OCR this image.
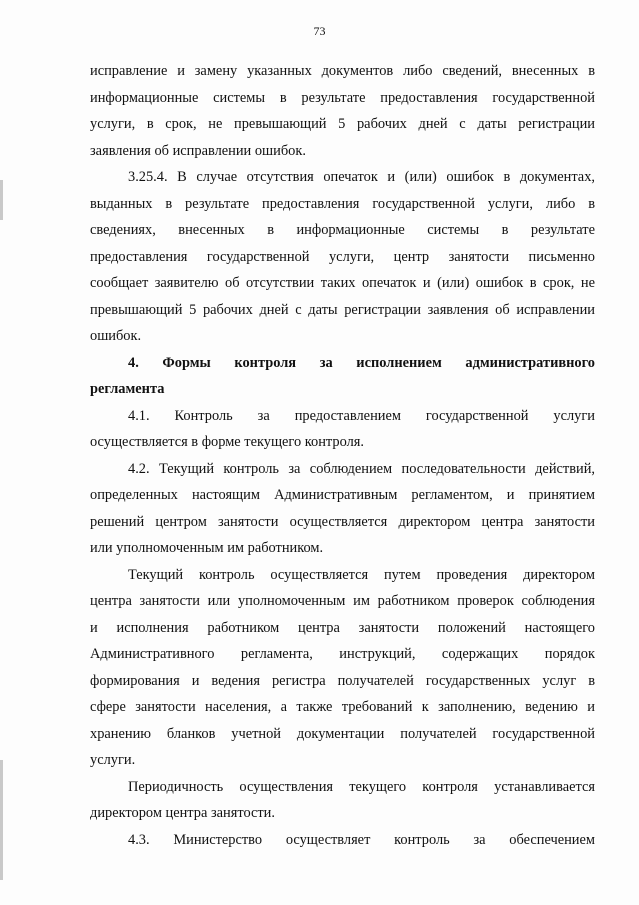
73

исправление и замену указанных документов либо сведений, внесенных в

информационные системы в результате предоставления государственной

услуги, в срок, не превышающий 5 рабочих дней с даты регистрации

заявления об исправлении ошибок.

3.25.4. В случае отсутствия опечаток и (или) ошибок в документах,

выданных в результате предоставления государственной услуги, либо в

сведениях, внесенных в информационные системы в результате

предоставления государственной услуги, центр занятости письменно

сообщает заявителю об отсутствии таких опечаток и (или) ошибок в срок, не

превышающий 5 рабочих дней с даты регистрации заявления об исправлении

ошибок.

4. Формы контроля за исполнением административного

регламента

4.1. Контроль за предоставлением государственной услуги

осуществляется в форме текущего контроля.

4.2. Текущий контроль за соблюдением последовательности действий,

определенных настоящим Административным регламентом, и принятием

решений центром занятости осуществляется директором центра занятости

или уполномоченным им работником.

Текущий контроль осуществляется путем проведения директором

центра занятости или уполномоченным им работником проверок соблюдения

и исполнения работником центра занятости положений настоящего

Административного регламента, инструкций, содержащих порядок

формирования и ведения регистра получателей государственных услуг в

сфере занятости населения, а также требований к заполнению, ведению и

хранению бланков учетной документации получателей государственной

услуги.

Периодичность осуществления текущего контроля устанавливается

директором центра занятости.

4.3. Министерство осуществляет контроль за обеспечением
